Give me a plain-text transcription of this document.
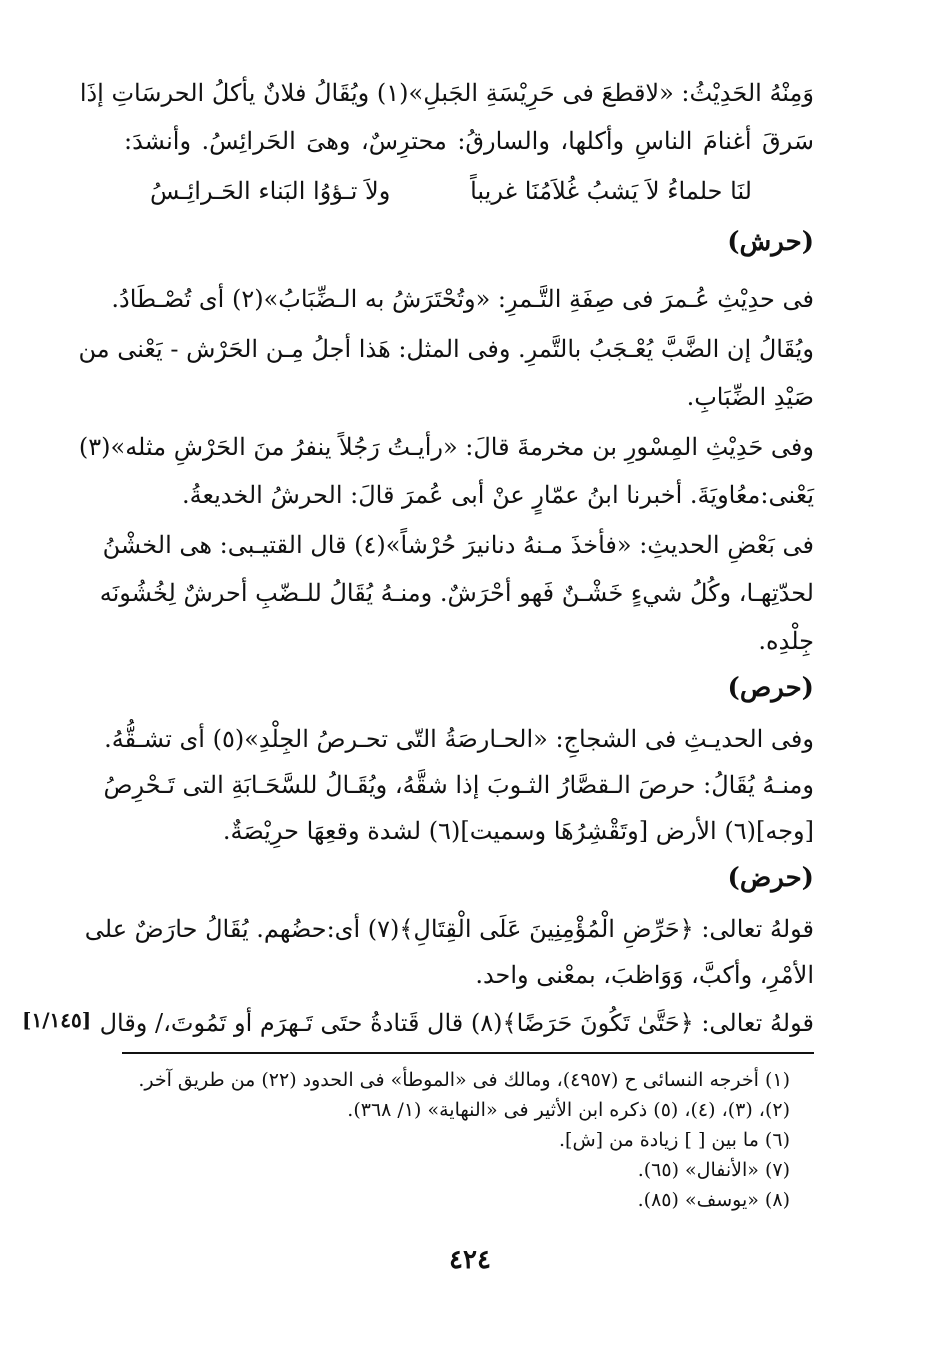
وَمِنْهُ الحَدِيْثُ: «لاقطعَ فى حَرِيْسَةِ الجَبلِ»(١) ويُقَالُ فلانٌ يأكلُ الحرسَاتِ إذَا
سَرقَ أغنامَ الناسِ وأكلها، والسارقُ: محترِسٌ، وهىَ الحَرائِسُ. وأنشدَ:
لنَا حلماءُ لاَ يَشبُ غُلاَمُنَا غريباً
ولاَ تـؤوُا البَناء الحَـرائِـسُ
(حرش)
فى حدِيْثِ عُـمرَ فى صِفَةِ التَّـمرِ: «وتُحْتَرَشُ به الـضِّبَابُ»(٢) أى تُصْـطَادُ.
ويُقَالُ إن الضَّبَّ يُعْـجَبُ بالتَّمرِ. وفى المثل: هَذا أجلُ مِـن الحَرْش - يَعْنى من
صَيْدِ الضِّبَابِ.
وفى حَدِيْثِ المِسْورِ بن مخرمةَ قالَ: «رأيـتُ رَجُلاً ينفرُ منَ الحَرْشِ مثله»(٣)
يَعْنى:معُاويَةَ. أخبرنا ابنُ عمّارٍ عنْ أبى عُمرَ قالَ: الحرشُ الخديعةُ.
فى بَعْضِ الحديثِ: «فأخذَ مـنهُ دنانيرَ حُرْشاً»(٤) قال القتيـبى: هى الخشْنُ
لحدّتِهـا، وكُلُ شيءٍ خَشْـنٌ فَهو أحْرَشٌ. ومنـهُ يُقَالُ للـضّبِ أحرشٌ لِخُشُونَه
جِلْدِه.
(حرص)
وفى الحديـثِ فى الشجاجِ: «الحـارصَةُ التّى تحـرصُ الجِلْدِ»(٥) أى تشـقُّهُ.
ومنـهُ يُقَالُ: حرصَ الـقصَّارُ الثـوبَ إذا شقَّهُ، ويُقَـالُ للسَّحَـابَةِ التى تَـحْرِصُ
[وجه](٦) الأرض [وتَقْشِرُهَا وسميت](٦) لشدة وقعِهَا حرِيْصَةٌ.
(حرض)
قولهُ تعالى: ﴿حَرِّضِ الْمُؤْمِنِينَ عَلَى الْقِتَالِ﴾(٧) أى:حضُهم. يُقَالُ حارَضٌ على
الأمْرِ، وأكبَّ، وَوَاظبَ، بمعْنى واحد.
قولهُ تعالى: ﴿حَتَّىٰ تَكُونَ حَرَضًا﴾(٨) قال قَتادةُ حتَى تَـهرَم أو تَمُوتَ،/ وقال
[١/١٤٥]
(١) أخرجه النسائى ح (٤٩٥٧)، ومالك فى «الموطأ» فى الحدود (٢٢) من طريق آخر.
(٢)، (٣)، (٤)، (٥) ذكره ابن الأثير فى «النهاية» (١/ ٣٦٨).
(٦) ما بين [ ] زيادة من [ش].
(٧) «الأنفال» (٦٥).
(٨) «يوسف» (٨٥).
٤٢٤
